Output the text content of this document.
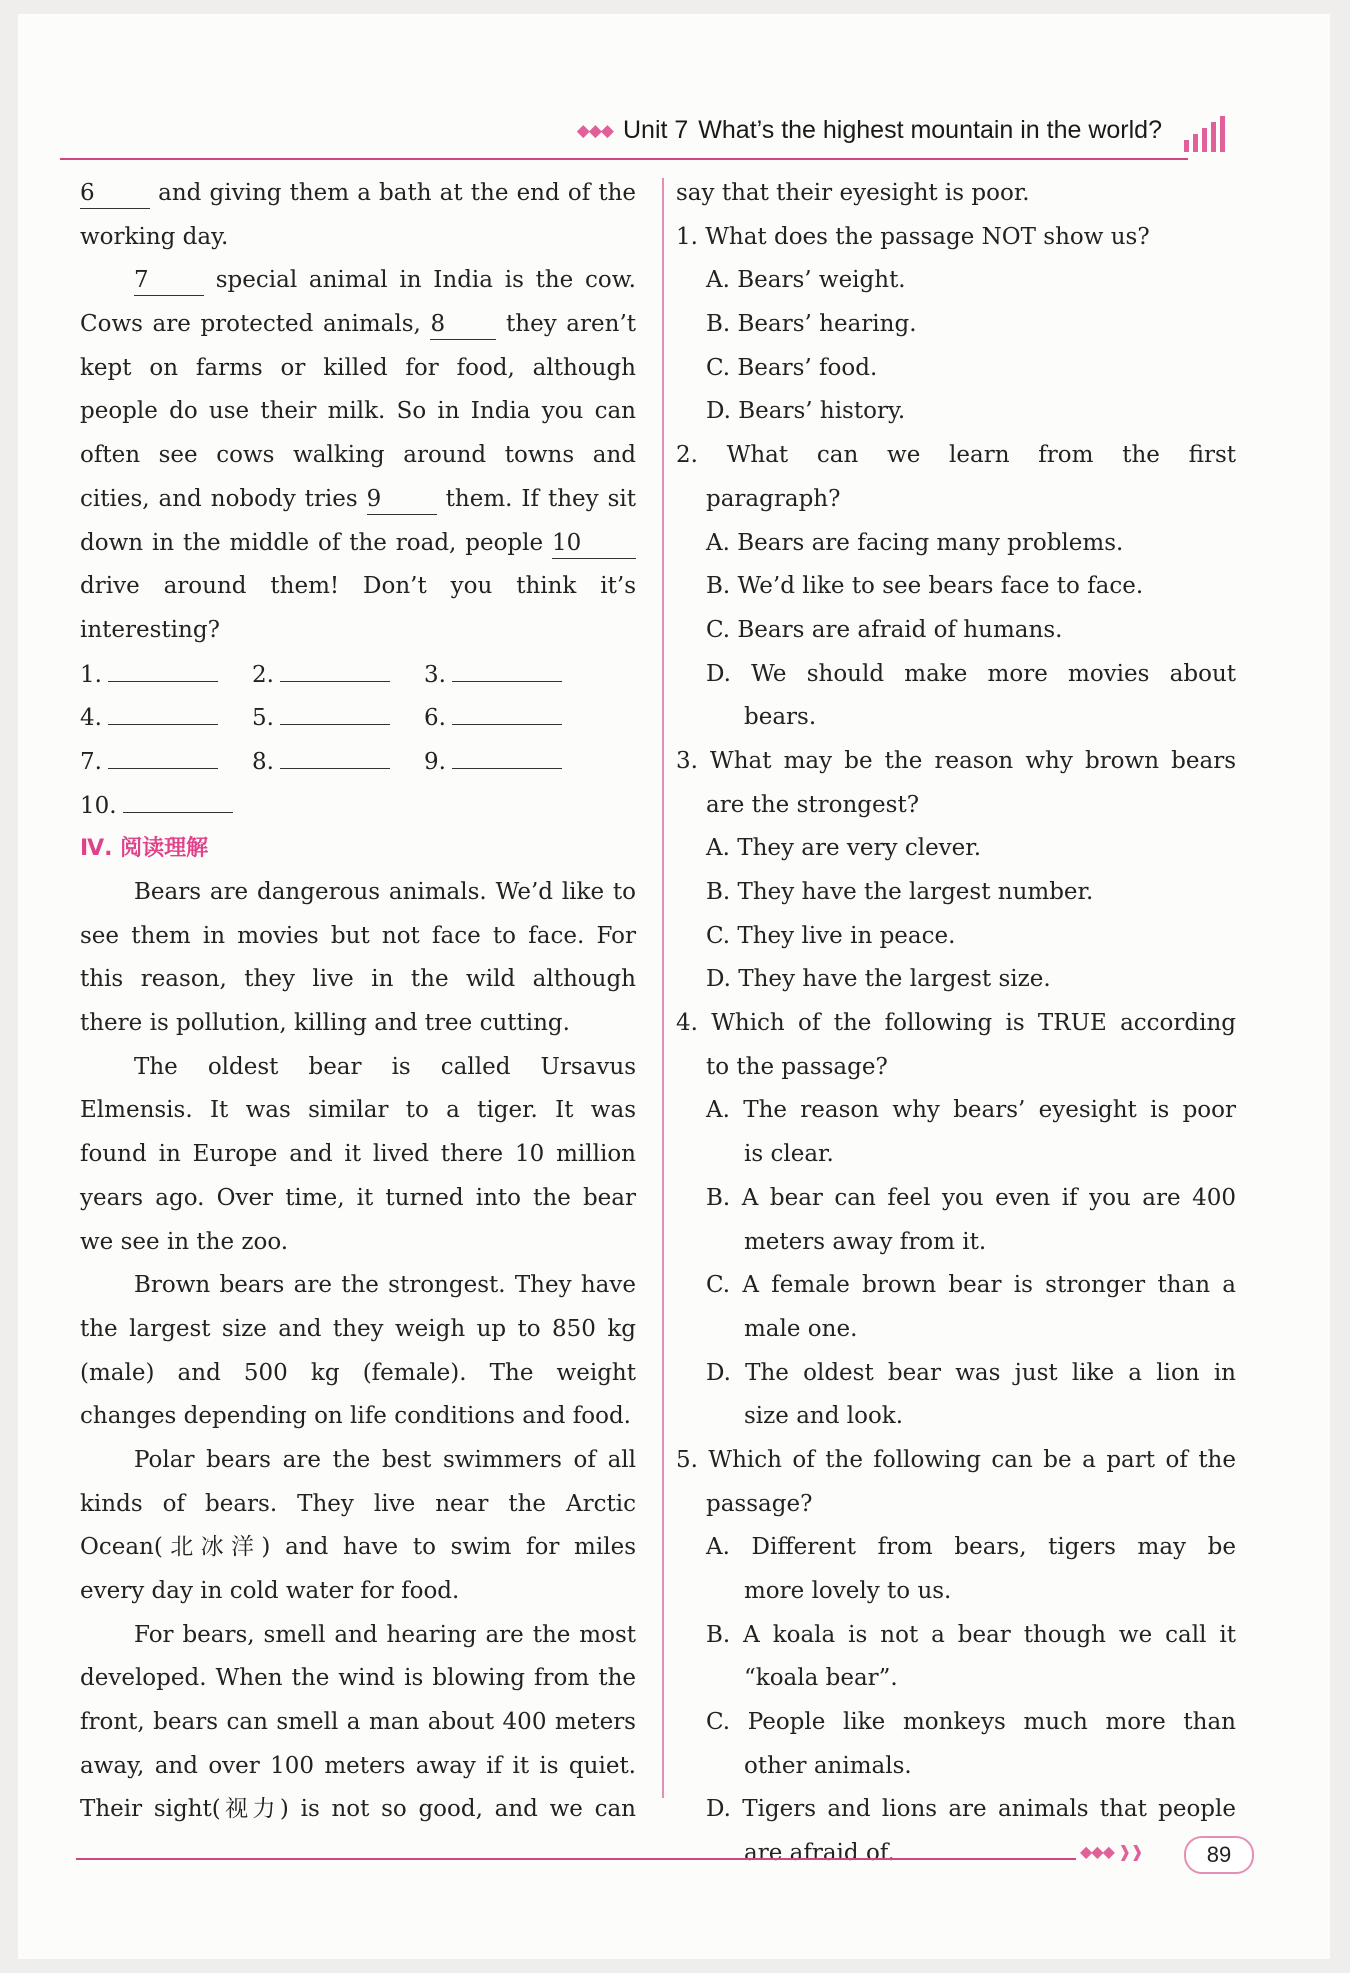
◆◆◆ Unit 7 What’s the highest mountain in the world?
6	and giving them a bath at the end of the
working day.
7	special animal in India is the cow.
Cows are protected animals, 8	they aren’t
kept on farms or killed for food, although
people do use their milk. So in India you can
often see cows walking around towns and
cities, and nobody tries 9	them. If they sit
down in the middle of the road, people 10
drive around them! Don’t you think it’s
interesting?
1.	2.	3.
4.	5.	6.
7.	8.	9.
10.
Ⅳ. 阅读理解
Bears are dangerous animals. We’d like to
see them in movies but not face to face. For
this reason, they live in the wild although
there is pollution, killing and tree cutting.
The oldest bear is called Ursavus
Elmensis. It was similar to a tiger. It was
found in Europe and it lived there 10 million
years ago. Over time, it turned into the bear
we see in the zoo.
Brown bears are the strongest. They have
the largest size and they weigh up to 850 kg
(male) and 500 kg (female). The weight
changes depending on life conditions and food.
Polar bears are the best swimmers of all
kinds of bears. They live near the Arctic
Ocean(北冰洋) and have to swim for miles
every day in cold water for food.
For bears, smell and hearing are the most
developed. When the wind is blowing from the
front, bears can smell a man about 400 meters
away, and over 100 meters away if it is quiet.
Their sight(视力) is not so good, and we can
say that their eyesight is poor.
1. What does the passage NOT show us?
A. Bears’ weight.
B. Bears’ hearing.
C. Bears’ food.
D. Bears’ history.
2. What can we learn from the first
paragraph?
A. Bears are facing many problems.
B. We’d like to see bears face to face.
C. Bears are afraid of humans.
D. We should make more movies about
bears.
3. What may be the reason why brown bears
are the strongest?
A. They are very clever.
B. They have the largest number.
C. They live in peace.
D. They have the largest size.
4. Which of the following is TRUE according
to the passage?
A. The reason why bears’ eyesight is poor
is clear.
B. A bear can feel you even if you are 400
meters away from it.
C. A female brown bear is stronger than a
male one.
D. The oldest bear was just like a lion in
size and look.
5. Which of the following can be a part of the
passage?
A. Different from bears, tigers may be
more lovely to us.
B. A koala is not a bear though we call it
“koala bear”.
C. People like monkeys much more than
other animals.
D. Tigers and lions are animals that people
are afraid of.	◆◆◆ ❱❱	89
